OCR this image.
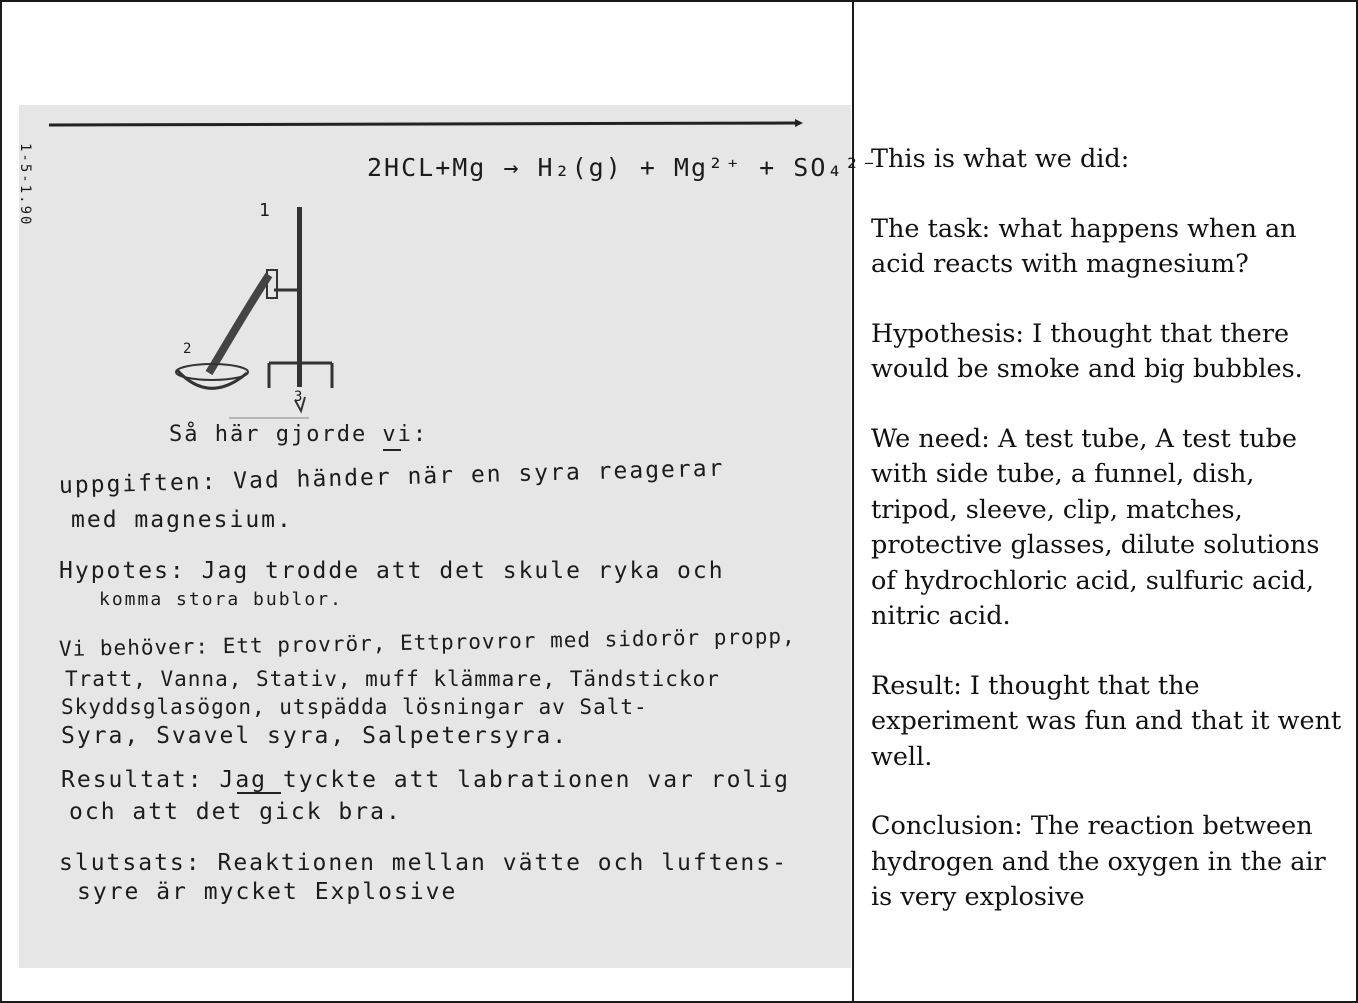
1-5-1.90	2HCL+Mg → H₂(g) + Mg²⁺ + SO₄²⁻
1
2
3
Så här gjorde vi:
uppgiften: Vad händer när en syra reagerar
med magnesium.
Hypotes: Jag trodde att det skule ryka och
komma stora bublor.
Vi behöver: Ett provrör, Ettprovror med sidorör propp,
Tratt, Vanna, Stativ, muff klämmare, Tändstickor
Skyddsglasögon, utspädda lösningar av Salt-
Syra, Svavel syra, Salpetersyra.
Resultat: Jag tyckte att labrationen var rolig
och att det gick bra.
slutsats: Reaktionen mellan vätte och luftens-
syre är mycket Explosive

This is what we did:

The task: what happens when an acid reacts with magnesium?

Hypothesis: I thought that there would be smoke and big bubbles.

We need: A test tube, A test tube with side tube, a funnel, dish, tripod, sleeve, clip, matches, protective glasses, dilute solutions of hydrochloric acid, sulfuric acid, nitric acid.

Result: I thought that the experiment was fun and that it went well.

Conclusion: The reaction between hydrogen and the oxygen in the air is very explosive
